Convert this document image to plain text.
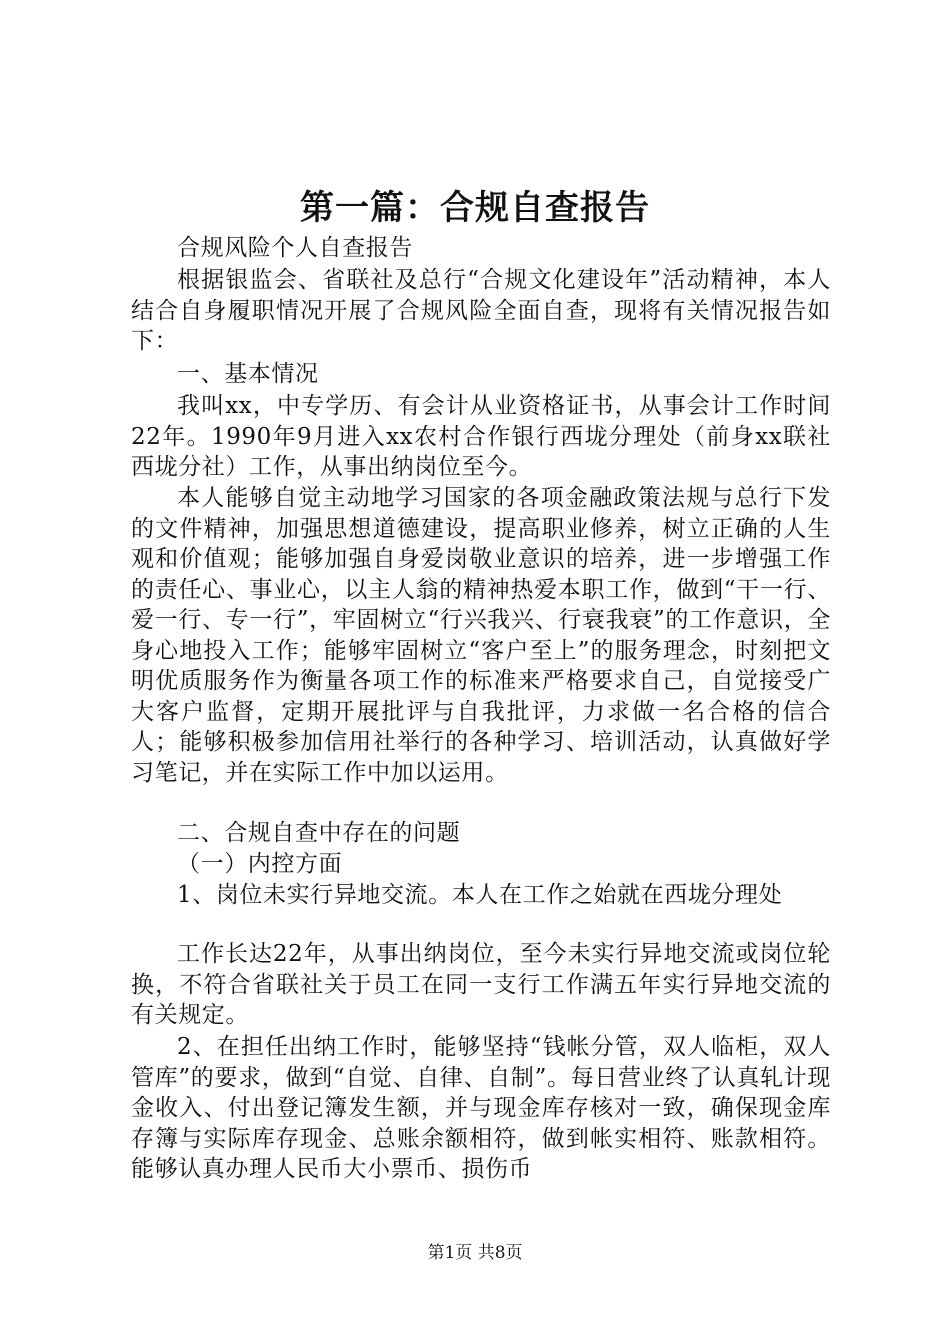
第一篇：合规自查报告

合规风险个人自查报告

根据银监会、省联社及总行“合规文化建设年”活动精神，本人结合自身履职情况开展了合规风险全面自查，现将有关情况报告如下：

一、基本情况

我叫xx，中专学历、有会计从业资格证书，从事会计工作时间22年。1990年9月进入xx农村合作银行西垅分理处（前身xx联社西垅分社）工作，从事出纳岗位至今。

本人能够自觉主动地学习国家的各项金融政策法规与总行下发的文件精神，加强思想道德建设，提高职业修养，树立正确的人生观和价值观；能够加强自身爱岗敬业意识的培养，进一步增强工作的责任心、事业心，以主人翁的精神热爱本职工作，做到“干一行、爱一行、专一行”，牢固树立“行兴我兴、行衰我衰”的工作意识，全身心地投入工作；能够牢固树立“客户至上”的服务理念，时刻把文明优质服务作为衡量各项工作的标准来严格要求自己，自觉接受广大客户监督，定期开展批评与自我批评，力求做一名合格的信合人；能够积极参加信用社举行的各种学习、培训活动，认真做好学习笔记，并在实际工作中加以运用。

二、合规自查中存在的问题

（一）内控方面

1、岗位未实行异地交流。本人在工作之始就在西垅分理处

工作长达22年，从事出纳岗位，至今未实行异地交流或岗位轮换，不符合省联社关于员工在同一支行工作满五年实行异地交流的有关规定。

2、在担任出纳工作时，能够坚持“钱帐分管，双人临柜，双人管库”的要求，做到“自觉、自律、自制”。每日营业终了认真轧计现金收入、付出登记簿发生额，并与现金库存核对一致，确保现金库存簿与实际库存现金、总账余额相符，做到帐实相符、账款相符。能够认真办理人民币大小票币、损伤币

第1页 共8页
